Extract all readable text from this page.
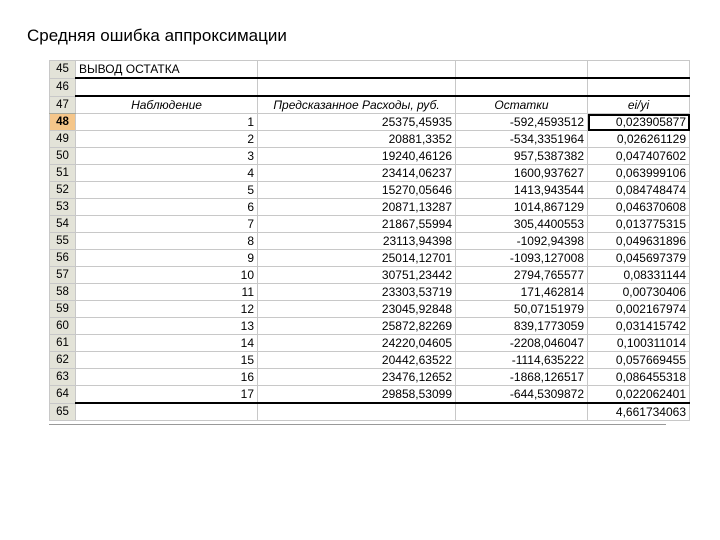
Средняя ошибка аппроксимации
45	ВЫВОД ОСТАТКА			
46				
47	Наблюдение	Предсказанное Расходы, руб.	Остатки	ei/yi
48	1	25375,45935	-592,4593512	0,023905877
49	2	20881,3352	-534,3351964	0,026261129
50	3	19240,46126	957,5387382	0,047407602
51	4	23414,06237	1600,937627	0,063999106
52	5	15270,05646	1413,943544	0,084748474
53	6	20871,13287	1014,867129	0,046370608
54	7	21867,55994	305,4400553	0,013775315
55	8	23113,94398	-1092,94398	0,049631896
56	9	25014,12701	-1093,127008	0,045697379
57	10	30751,23442	2794,765577	0,08331144
58	11	23303,53719	171,462814	0,00730406
59	12	23045,92848	50,07151979	0,002167974
60	13	25872,82269	839,1773059	0,031415742
61	14	24220,04605	-2208,046047	0,100311014
62	15	20442,63522	-1114,635222	0,057669455
63	16	23476,12652	-1868,126517	0,086455318
64	17	29858,53099	-644,5309872	0,022062401
65				4,661734063
